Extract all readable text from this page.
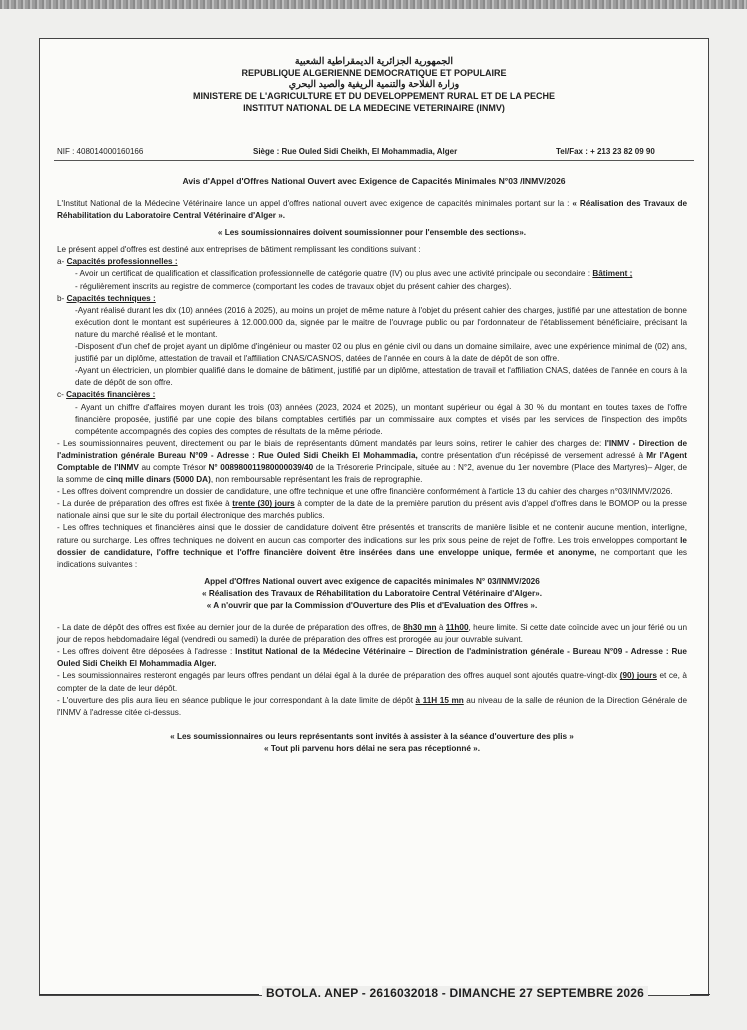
الجمهورية الجزائرية الديمقراطية الشعبية
REPUBLIQUE ALGERIENNE DEMOCRATIQUE ET POPULAIRE
وزارة الفلاحة والتنمية الريفية والصيد البحري
MINISTERE DE L'AGRICULTURE ET DU DEVELOPPEMENT RURAL ET DE LA PECHE
INSTITUT NATIONAL DE LA MEDECINE VETERINAIRE (INMV)
NIF : 408014000160166	Siège : Rue Ouled Sidi Cheikh, El Mohammadia, Alger	Tel/Fax : + 213 23 82 09 90
Avis d'Appel d'Offres National Ouvert avec Exigence de Capacités Minimales N°03 /INMV/2026

L'Institut National de la Médecine Vétérinaire lance un appel d'offres national ouvert avec exigence de capacités minimales portant sur la : « Réalisation des Travaux de Réhabilitation du Laboratoire Central Vétérinaire d'Alger ».

« Les soumissionnaires doivent soumissionner pour l'ensemble des sections».

Le présent appel d'offres est destiné aux entreprises de bâtiment remplissant les conditions suivant :

a- Capacités professionnelles :

- Avoir un certificat de qualification et classification professionnelle de catégorie quatre (IV) ou plus avec une activité principale ou secondaire : Bâtiment ;

- régulièrement inscrits au registre de commerce (comportant les codes de travaux objet du présent cahier des charges).

b- Capacités techniques :

-Ayant réalisé durant les dix (10) années (2016 à 2025), au moins un projet de même nature à l'objet du présent cahier des charges, justifié par une attestation de bonne exécution dont le montant est supérieures à 12.000.000 da, signée par le maitre de l'ouvrage public ou par l'ordonnateur de l'établissement bénéficiaire, précisant la nature du marché réalisé et le montant.

-Disposent d'un chef de projet ayant un diplôme d'ingénieur ou master 02 ou plus en génie civil ou dans un domaine similaire, avec une expérience minimal de (02) ans, justifié par un diplôme, attestation de travail et l'affiliation CNAS/CASNOS, datées de l'année en cours à la date de dépôt de son offre.

-Ayant un électricien, un plombier qualifié dans le domaine de bâtiment, justifié par un diplôme, attestation de travail et l'affiliation CNAS, datées de l'année en cours à la date de dépôt de son offre.

c- Capacités financières :

- Ayant un chiffre d'affaires moyen durant les trois (03) années (2023, 2024 et 2025), un montant supérieur ou égal à 30 % du montant en toutes taxes de l'offre financière proposée, justifié par une copie des bilans comptables certifiés par un commissaire aux comptes et visés par les services de l'inspection des impôts compétente accompagnés des copies des comptes de résultats de la même période.

- Les soumissionnaires peuvent, directement ou par le biais de représentants dûment mandatés par leurs soins, retirer le cahier des charges de: l'INMV - Direction de l'administration générale Bureau N°09 - Adresse : Rue Ouled Sidi Cheikh El Mohammadia, contre présentation d'un récépissé de versement adressé à Mr l'Agent Comptable de l'INMV au compte Trésor N° 008980011980000039/40 de la Trésorerie Principale, située au : N°2, avenue du 1er novembre (Place des Martyres)– Alger, de la somme de cinq mille dinars (5000 DA), non remboursable représentant les frais de reprographie.

- Les offres doivent comprendre un dossier de candidature, une offre technique et une offre financière conformément à l'article 13 du cahier des charges n°03/INMV/2026.

- La durée de préparation des offres est fixée à trente (30) jours à compter de la date de la première parution du présent avis d'appel d'offres dans le BOMOP ou la presse nationale ainsi que sur le site du portail électronique des marchés publics.

- Les offres techniques et financières ainsi que le dossier de candidature doivent être présentés et transcrits de manière lisible et ne contenir aucune mention, interligne, rature ou surcharge. Les offres techniques ne doivent en aucun cas comporter des indications sur les prix sous peine de rejet de l'offre. Les trois enveloppes comportant le dossier de candidature, l'offre technique et l'offre financière doivent être insérées dans une enveloppe unique, fermée et anonyme, ne comportant que les indications suivantes :

Appel d'Offres National ouvert avec exigence de capacités minimales N° 03/INMV/2026

« Réalisation des Travaux de Réhabilitation du Laboratoire Central Vétérinaire d'Alger».

« A n'ouvrir que par la Commission d'Ouverture des Plis et d'Evaluation des Offres ».

- La date de dépôt des offres est fixée au dernier jour de la durée de préparation des offres, de 8h30 mn à 11h00, heure limite. Si cette date coïncide avec un jour férié ou un jour de repos hebdomadaire légal (vendredi ou samedi) la durée de préparation des offres est prorogée au jour ouvrable suivant.

- Les offres doivent être déposées à l'adresse : Institut National de la Médecine Vétérinaire – Direction de l'administration générale - Bureau N°09 - Adresse : Rue Ouled Sidi Cheikh El Mohammadia Alger.

- Les soumissionnaires resteront engagés par leurs offres pendant un délai égal à la durée de préparation des offres auquel sont ajoutés quatre-vingt-dix (90) jours et ce, à compter de la date de leur dépôt.

- L'ouverture des plis aura lieu en séance publique le jour correspondant à la date limite de dépôt à 11H 15 mn au niveau de la salle de réunion de la Direction Générale de l'INMV à l'adresse citée ci-dessus.

« Les soumissionnaires ou leurs représentants sont invités à assister à la séance d'ouverture des plis »

« Tout pli parvenu hors délai ne sera pas réceptionné ».

BOTOLA. ANEP - 2616032018 - DIMANCHE 27 SEPTEMBRE 2026
